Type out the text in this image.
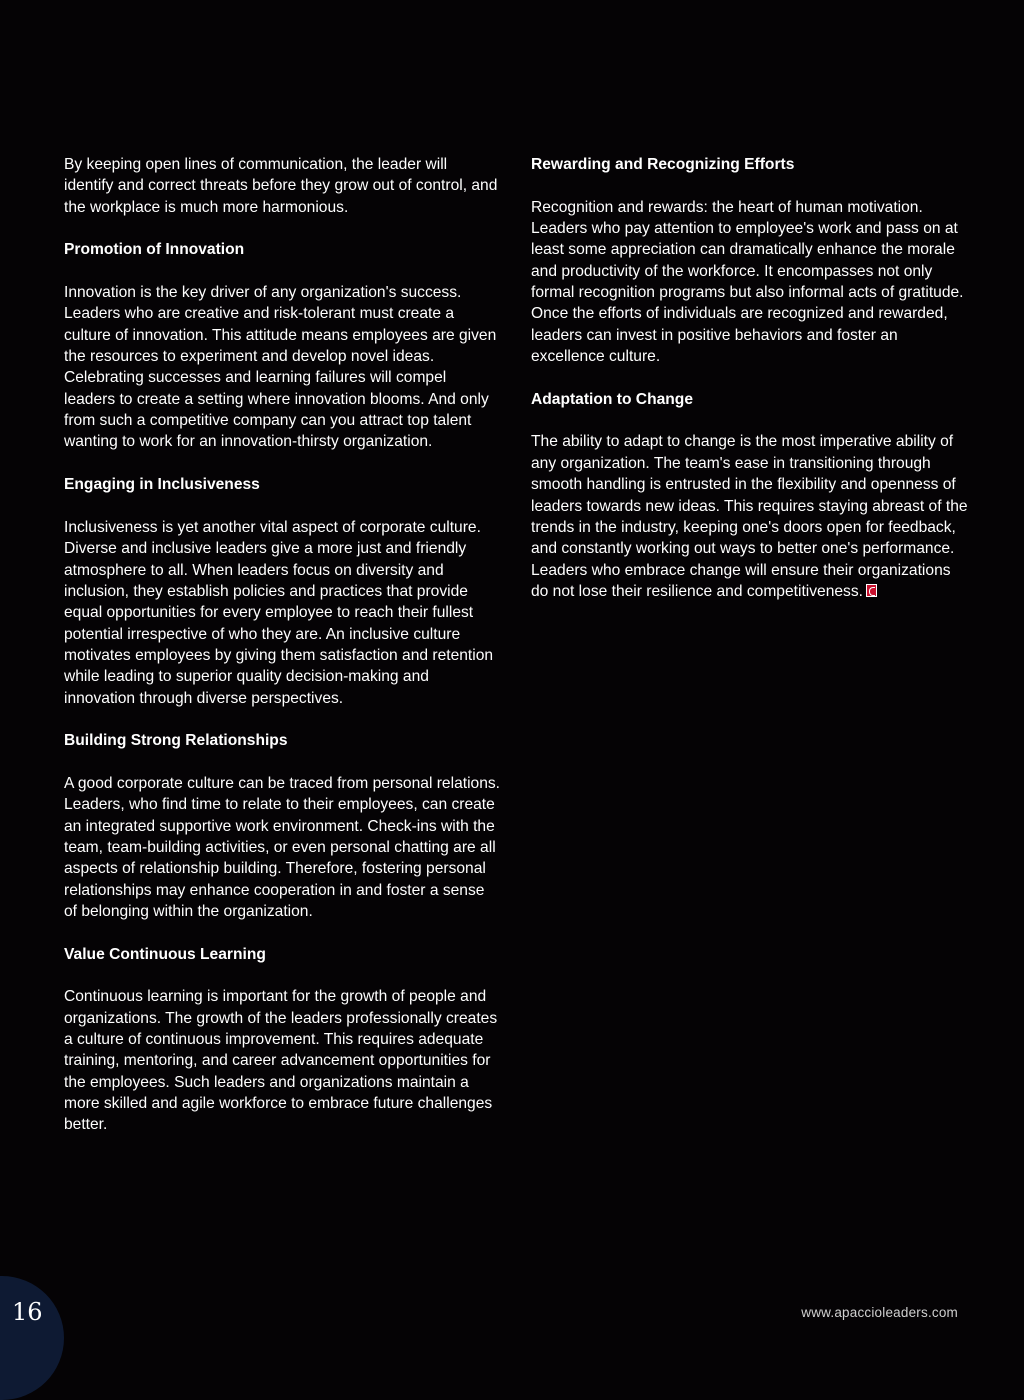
By keeping open lines of communication, the leader will identify and correct threats before they grow out of control, and the workplace is much more harmonious.

Promotion of Innovation

Innovation is the key driver of any organization's success. Leaders who are creative and risk-tolerant must create a culture of innovation. This attitude means employees are given the resources to experiment and develop novel ideas. Celebrating successes and learning failures will compel leaders to create a setting where innovation blooms. And only from such a competitive company can you attract top talent wanting to work for an innovation-thirsty organization.

Engaging in Inclusiveness

Inclusiveness is yet another vital aspect of corporate culture. Diverse and inclusive leaders give a more just and friendly atmosphere to all. When leaders focus on diversity and inclusion, they establish policies and practices that provide equal opportunities for every employee to reach their fullest potential irrespective of who they are. An inclusive culture motivates employees by giving them satisfaction and retention while leading to superior quality decision-making and innovation through diverse perspectives.

Building Strong Relationships

A good corporate culture can be traced from personal relations. Leaders, who find time to relate to their employees, can create an integrated supportive work environment. Check-ins with the team, team-building activities, or even personal chatting are all aspects of relationship building. Therefore, fostering personal relationships may enhance cooperation in and foster a sense of belonging within the organization.

Value Continuous Learning

Continuous learning is important for the growth of people and organizations. The growth of the leaders professionally creates a culture of continuous improvement. This requires adequate training, mentoring, and career advancement opportunities for the employees. Such leaders and organizations maintain a more skilled and agile workforce to embrace future challenges better.

Rewarding and Recognizing Efforts

Recognition and rewards: the heart of human motivation. Leaders who pay attention to employee's work and pass on at least some appreciation can dramatically enhance the morale and productivity of the workforce. It encompasses not only formal recognition programs but also informal acts of gratitude. Once the efforts of individuals are recognized and rewarded, leaders can invest in positive behaviors and foster an excellence culture.

Adaptation to Change

The ability to adapt to change is the most imperative ability of any organization. The team's ease in transitioning through smooth handling is entrusted in the flexibility and openness of leaders towards new ideas. This requires staying abreast of the trends in the industry, keeping one's doors open for feedback, and constantly working out ways to better one's performance. Leaders who embrace change will ensure their organizations do not lose their resilience and competitiveness.

16	www.apaccioleaders.com
